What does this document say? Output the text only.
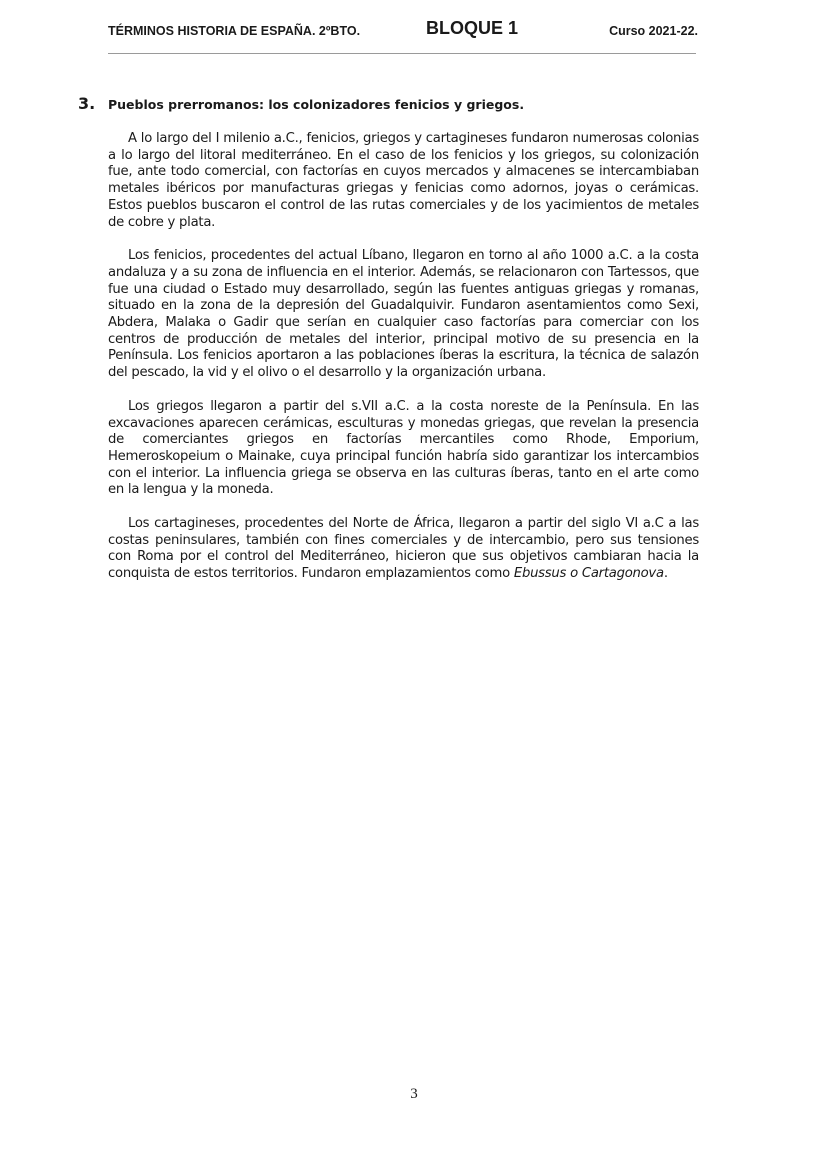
TÉRMINOS HISTORIA DE ESPAÑA. 2ºBTO.	BLOQUE 1	Curso 2021-22.
3. Pueblos prerromanos: los colonizadores fenicios y griegos.

A lo largo del I milenio a.C., fenicios, griegos y cartagineses fundaron numerosas colonias a lo largo del litoral mediterráneo. En el caso de los fenicios y los griegos, su colonización fue, ante todo comercial, con factorías en cuyos mercados y almacenes se intercambiaban metales ibéricos por manufacturas griegas y fenicias como adornos, joyas o cerámicas. Estos pueblos buscaron el control de las rutas comerciales y de los yacimientos de metales de cobre y plata.

Los fenicios, procedentes del actual Líbano, llegaron en torno al año 1000 a.C. a la costa andaluza y a su zona de influencia en el interior. Además, se relacionaron con Tartessos, que fue una ciudad o Estado muy desarrollado, según las fuentes antiguas griegas y romanas, situado en la zona de la depresión del Guadalquivir. Fundaron asentamientos como Sexi, Abdera, Malaka o Gadir que serían en cualquier caso factorías para comerciar con los centros de producción de metales del interior, principal motivo de su presencia en la Península. Los fenicios aportaron a las poblaciones íberas la escritura, la técnica de salazón del pescado, la vid y el olivo o el desarrollo y la organización urbana.

Los griegos llegaron a partir del s.VII a.C. a la costa noreste de la Península. En las excavaciones aparecen cerámicas, esculturas y monedas griegas, que revelan la presencia de comerciantes griegos en factorías mercantiles como Rhode, Emporium, Hemeroskopeium o Mainake, cuya principal función habría sido garantizar los intercambios con el interior. La influencia griega se observa en las culturas íberas, tanto en el arte como en la lengua y la moneda.

Los cartagineses, procedentes del Norte de África, llegaron a partir del siglo VI a.C a las costas peninsulares, también con fines comerciales y de intercambio, pero sus tensiones con Roma por el control del Mediterráneo, hicieron que sus objetivos cambiaran hacia la conquista de estos territorios. Fundaron emplazamientos como Ebussus o Cartagonova.

3
